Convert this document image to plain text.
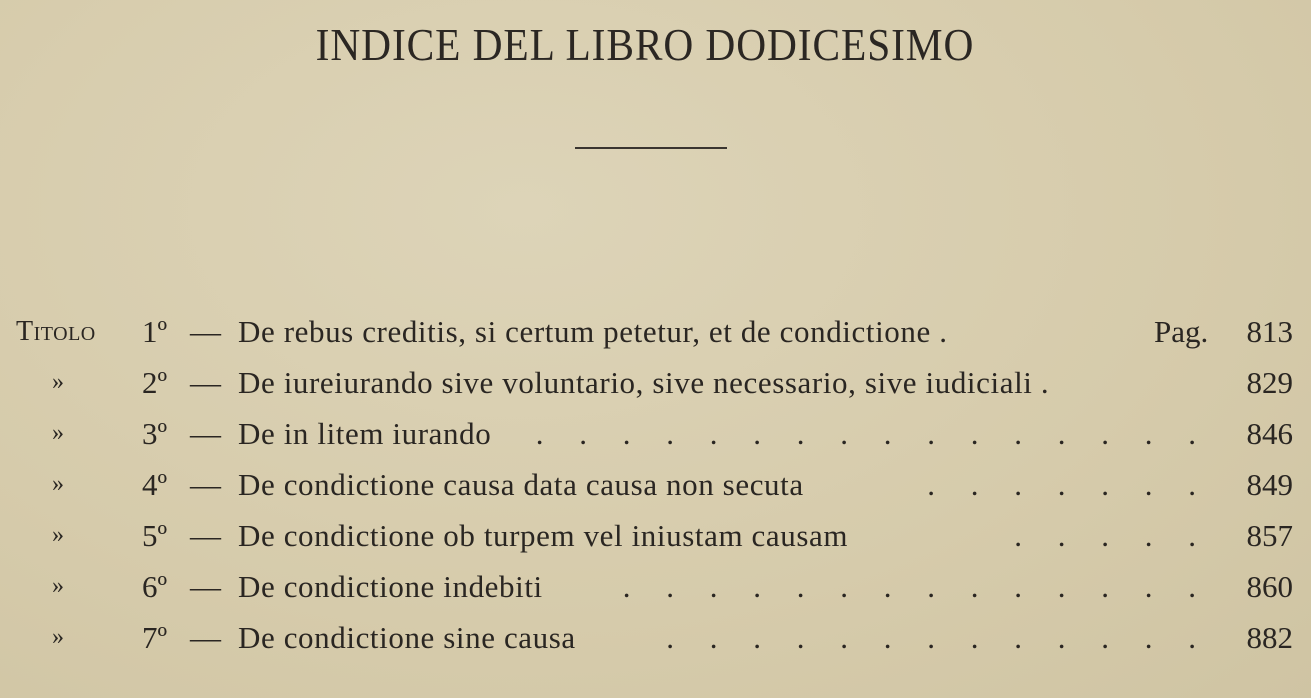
INDICE DEL LIBRO DODICESIMO
Titolo 1º — De rebus creditis, si certum petetur, et de condictione .	Pag. 813
»	2º — De iureiurando sive voluntario, sive necessario, sive iudiciali .	829
»	3º — De in litem iurando . . . . . . . . . . . . . . . . 846
»	4º — De condictione causa data causa non secuta	. . . . . . . 849
»	5º — De condictione ob turpem vel iniustam causam	. . . . . 857
»	6º — De condictione indebiti	. . . . . . . . . . . . . . 860
»	7º — De condictione sine causa	. . . . . . . . . . . . . 882
